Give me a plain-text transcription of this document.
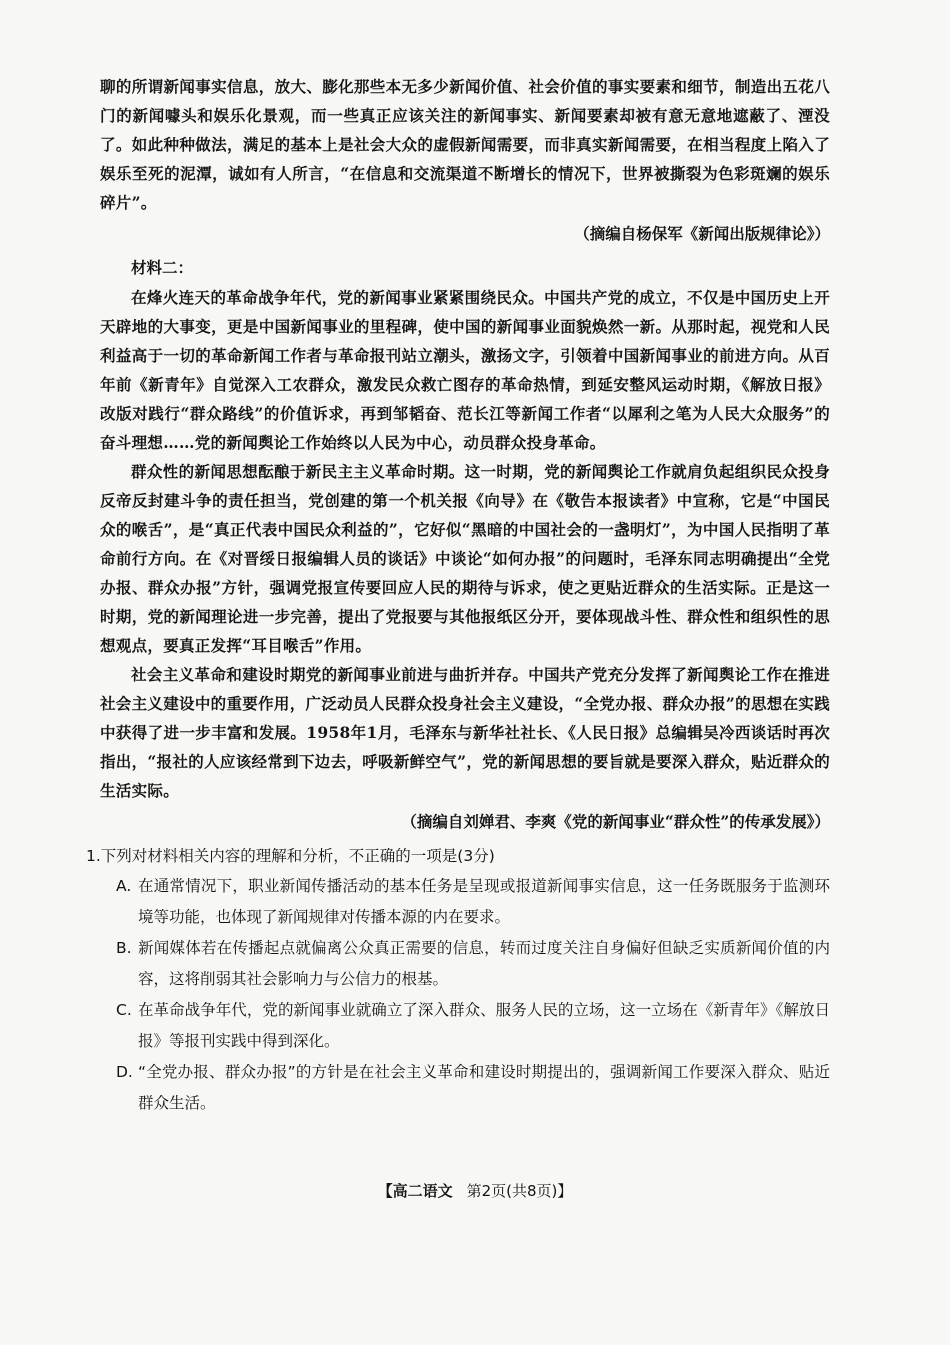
聊的所谓新闻事实信息，放大、膨化那些本无多少新闻价值、社会价值的事实要素和细节，制造出五花八门的新闻噱头和娱乐化景观，而一些真正应该关注的新闻事实、新闻要素却被有意无意地遮蔽了、湮没了。如此种种做法，满足的基本上是社会大众的虚假新闻需要，而非真实新闻需要，在相当程度上陷入了娱乐至死的泥潭，诚如有人所言，“在信息和交流渠道不断增长的情况下，世界被撕裂为色彩斑斓的娱乐碎片”。

（摘编自杨保军《新闻出版规律论》）

材料二：

在烽火连天的革命战争年代，党的新闻事业紧紧围绕民众。中国共产党的成立，不仅是中国历史上开天辟地的大事变，更是中国新闻事业的里程碑，使中国的新闻事业面貌焕然一新。从那时起，视党和人民利益高于一切的革命新闻工作者与革命报刊站立潮头，激扬文字，引领着中国新闻事业的前进方向。从百年前《新青年》自觉深入工农群众，激发民众救亡图存的革命热情，到延安整风运动时期，《解放日报》改版对践行“群众路线”的价值诉求，再到邹韬奋、范长江等新闻工作者“以犀利之笔为人民大众服务”的奋斗理想……党的新闻舆论工作始终以人民为中心，动员群众投身革命。

群众性的新闻思想酝酿于新民主主义革命时期。这一时期，党的新闻舆论工作就肩负起组织民众投身反帝反封建斗争的责任担当，党创建的第一个机关报《向导》在《敬告本报读者》中宣称，它是“中国民众的喉舌”，是“真正代表中国民众利益的”，它好似“黑暗的中国社会的一盏明灯”，为中国人民指明了革命前行方向。在《对晋绥日报编辑人员的谈话》中谈论“如何办报”的问题时，毛泽东同志明确提出“全党办报、群众办报”方针，强调党报宣传要回应人民的期待与诉求，使之更贴近群众的生活实际。正是这一时期，党的新闻理论进一步完善，提出了党报要与其他报纸区分开，要体现战斗性、群众性和组织性的思想观点，要真正发挥“耳目喉舌”作用。

社会主义革命和建设时期党的新闻事业前进与曲折并存。中国共产党充分发挥了新闻舆论工作在推进社会主义建设中的重要作用，广泛动员人民群众投身社会主义建设，“全党办报、群众办报”的思想在实践中获得了进一步丰富和发展。1958年1月，毛泽东与新华社社长、《人民日报》总编辑吴冷西谈话时再次指出，“报社的人应该经常到下边去，呼吸新鲜空气”，党的新闻思想的要旨就是要深入群众，贴近群众的生活实际。

（摘编自刘婵君、李爽《党的新闻事业“群众性”的传承发展》）

1.下列对材料相关内容的理解和分析，不正确的一项是(3分)

A. 在通常情况下，职业新闻传播活动的基本任务是呈现或报道新闻事实信息，这一任务既服务于监测环境等功能，也体现了新闻规律对传播本源的内在要求。
B. 新闻媒体若在传播起点就偏离公众真正需要的信息，转而过度关注自身偏好但缺乏实质新闻价值的内容，这将削弱其社会影响力与公信力的根基。
C. 在革命战争年代，党的新闻事业就确立了深入群众、服务人民的立场，这一立场在《新青年》《解放日报》等报刊实践中得到深化。
D. “全党办报、群众办报”的方针是在社会主义革命和建设时期提出的，强调新闻工作要深入群众、贴近群众生活。
【高二语文 第2页(共8页)】
